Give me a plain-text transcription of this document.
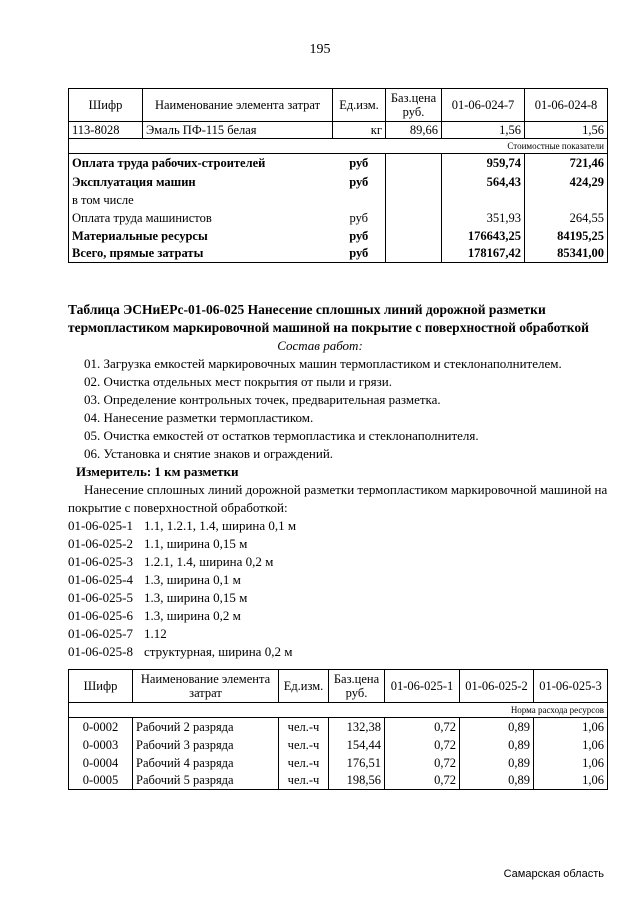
195
Шифр	Наименование элемента затрат	Ед.изм.	Баз.цена руб.	01-06-024-7	01-06-024-8
113-8028	Эмаль ПФ-115 белая	кг	89,66	1,56	1,56
Стоимостные показатели					
Оплата труда рабочих-строителей		руб		959,74	721,46
Эксплуатация машин		руб		564,43	424,29
в том числе					
Оплата труда машинистов		руб		351,93	264,55
Материальные ресурсы		руб		176643,25	84195,25
Всего, прямые затраты		руб		178167,42	85341,00
Таблица ЭСНиЕРс-01-06-025 Нанесение сплошных линий дорожной разметки
термопластиком маркировочной машиной на покрытие с поверхностной обработкой
Состав работ:
01. Загрузка емкостей маркировочных машин термопластиком и стеклонаполнителем.
02. Очистка отдельных мест покрытия от пыли и грязи.
03. Определение контрольных точек, предварительная разметка.
04. Нанесение разметки термопластиком.
05. Очистка емкостей от остатков термопластика и стеклонаполнителя.
06. Установка и снятие знаков и ограждений.
Измеритель: 1 км разметки
Нанесение сплошных линий дорожной разметки термопластиком маркировочной машиной на
покрытие с поверхностной обработкой:
01-06-025-1 1.1, 1.2.1, 1.4, ширина 0,1 м
01-06-025-2 1.1, ширина 0,15 м
01-06-025-3 1.2.1, 1.4, ширина 0,2 м
01-06-025-4 1.3, ширина 0,1 м
01-06-025-5 1.3, ширина 0,15 м
01-06-025-6 1.3, ширина 0,2 м
01-06-025-7 1.12
01-06-025-8 структурная, ширина 0,2 м
Шифр	Наименование элемента затрат	Ед.изм.	Баз.цена руб.	01-06-025-1	01-06-025-2	01-06-025-3
Норма расхода ресурсов						
0-0002	Рабочий 2 разряда	чел.-ч	132,38	0,72	0,89	1,06
0-0003	Рабочий 3 разряда	чел.-ч	154,44	0,72	0,89	1,06
0-0004	Рабочий 4 разряда	чел.-ч	176,51	0,72	0,89	1,06
0-0005	Рабочий 5 разряда	чел.-ч	198,56	0,72	0,89	1,06
Самарская область
